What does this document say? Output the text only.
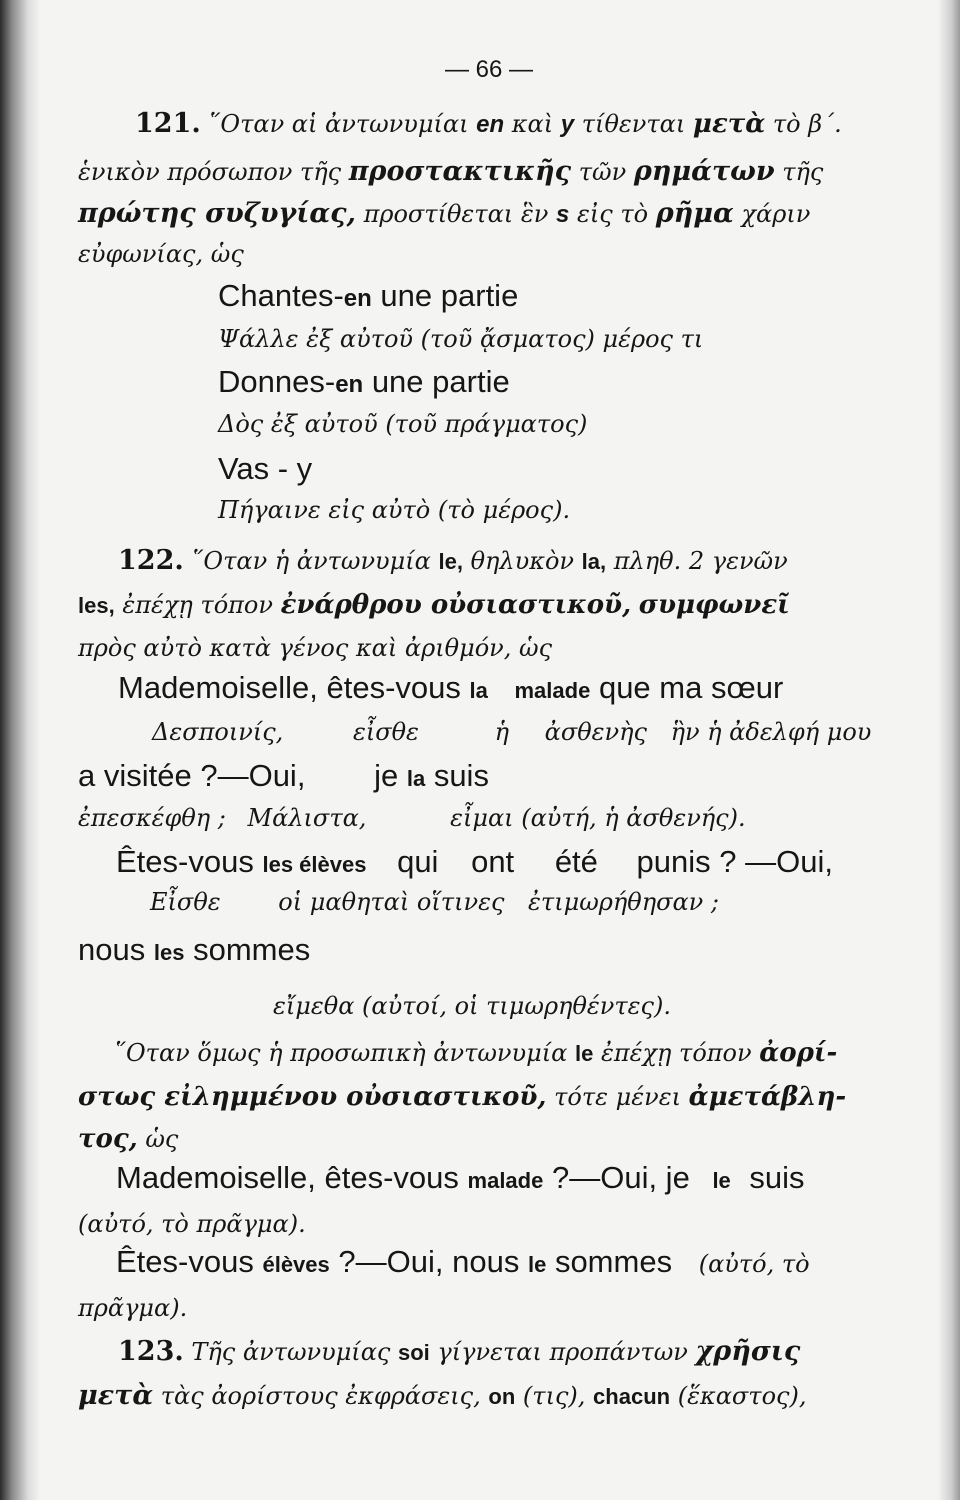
— 66 —
121. ῞Οταν αἱ ἀντωνυμίαι en καὶ y τίθενται μετὰ τὸ β΄.
ἑνικὸν πρόσωπον τῆς προστακτικῆς τῶν ρημάτων τῆς
πρώτης συζυγίας, προστίθεται ἓν s εἰς τὸ ρῆμα χάριν
εὐφωνίας, ὡς
Chantes-en une partie
Ψάλλε ἐξ αὐτοῦ (τοῦ ᾄσματος) μέρος τι
Donnes-en une partie
Δὸς ἐξ αὐτοῦ (τοῦ πράγματος)
Vas - y
Πήγαινε εἰς αὐτὸ (τὸ μέρος).
122. ῞Οταν ἡ ἀντωνυμία le, θηλυκὸν la, πληθ. 2 γενῶν
les, ἐπέχῃ τόπον ἐνάρθρου οὐσιαστικοῦ, συμφωνεῖ
πρὸς αὐτὸ κατὰ γένος καὶ ἀριθμόν, ὡς
Mademoiselle, êtes-vous la malade que ma sœur
Δεσποινίς,	εἶσθε	ἡ ἀσθενὴς ἣν ἡ ἀδελφή μου
a visitée ?—Oui, je la suis
ἐπεσκέφθη ; Μάλιστα,	εἶμαι (αὐτή, ἡ ἀσθενής).
Êtes-vous les élèves qui ont été punis ? —Oui,
Εἶσθε οἱ μαθηταὶ οἵτινες ἐτιμωρήθησαν ;
nous les sommes
εἴμεθα (αὐτοί, οἱ τιμωρηθέντες).
῞Οταν ὅμως ἡ προσωπικὴ ἀντωνυμία le ἐπέχῃ τόπον ἀορί-
στως εἰλημμένου οὐσιαστικοῦ, τότε μένει ἀμετάβλη-
τος, ὡς
Mademoiselle, êtes-vous malade ?—Oui, je le suis
(αὐτό, τὸ πρᾶγμα).
Êtes-vous élèves ?—Oui, nous le sommes (αὐτό, τὸ
πρᾶγμα).
123. Τῆς ἀντωνυμίας soi γίγνεται προπάντων χρῆσις
μετὰ τὰς ἀορίστους ἐκφράσεις, on (τις), chacun (ἕκαστος),
